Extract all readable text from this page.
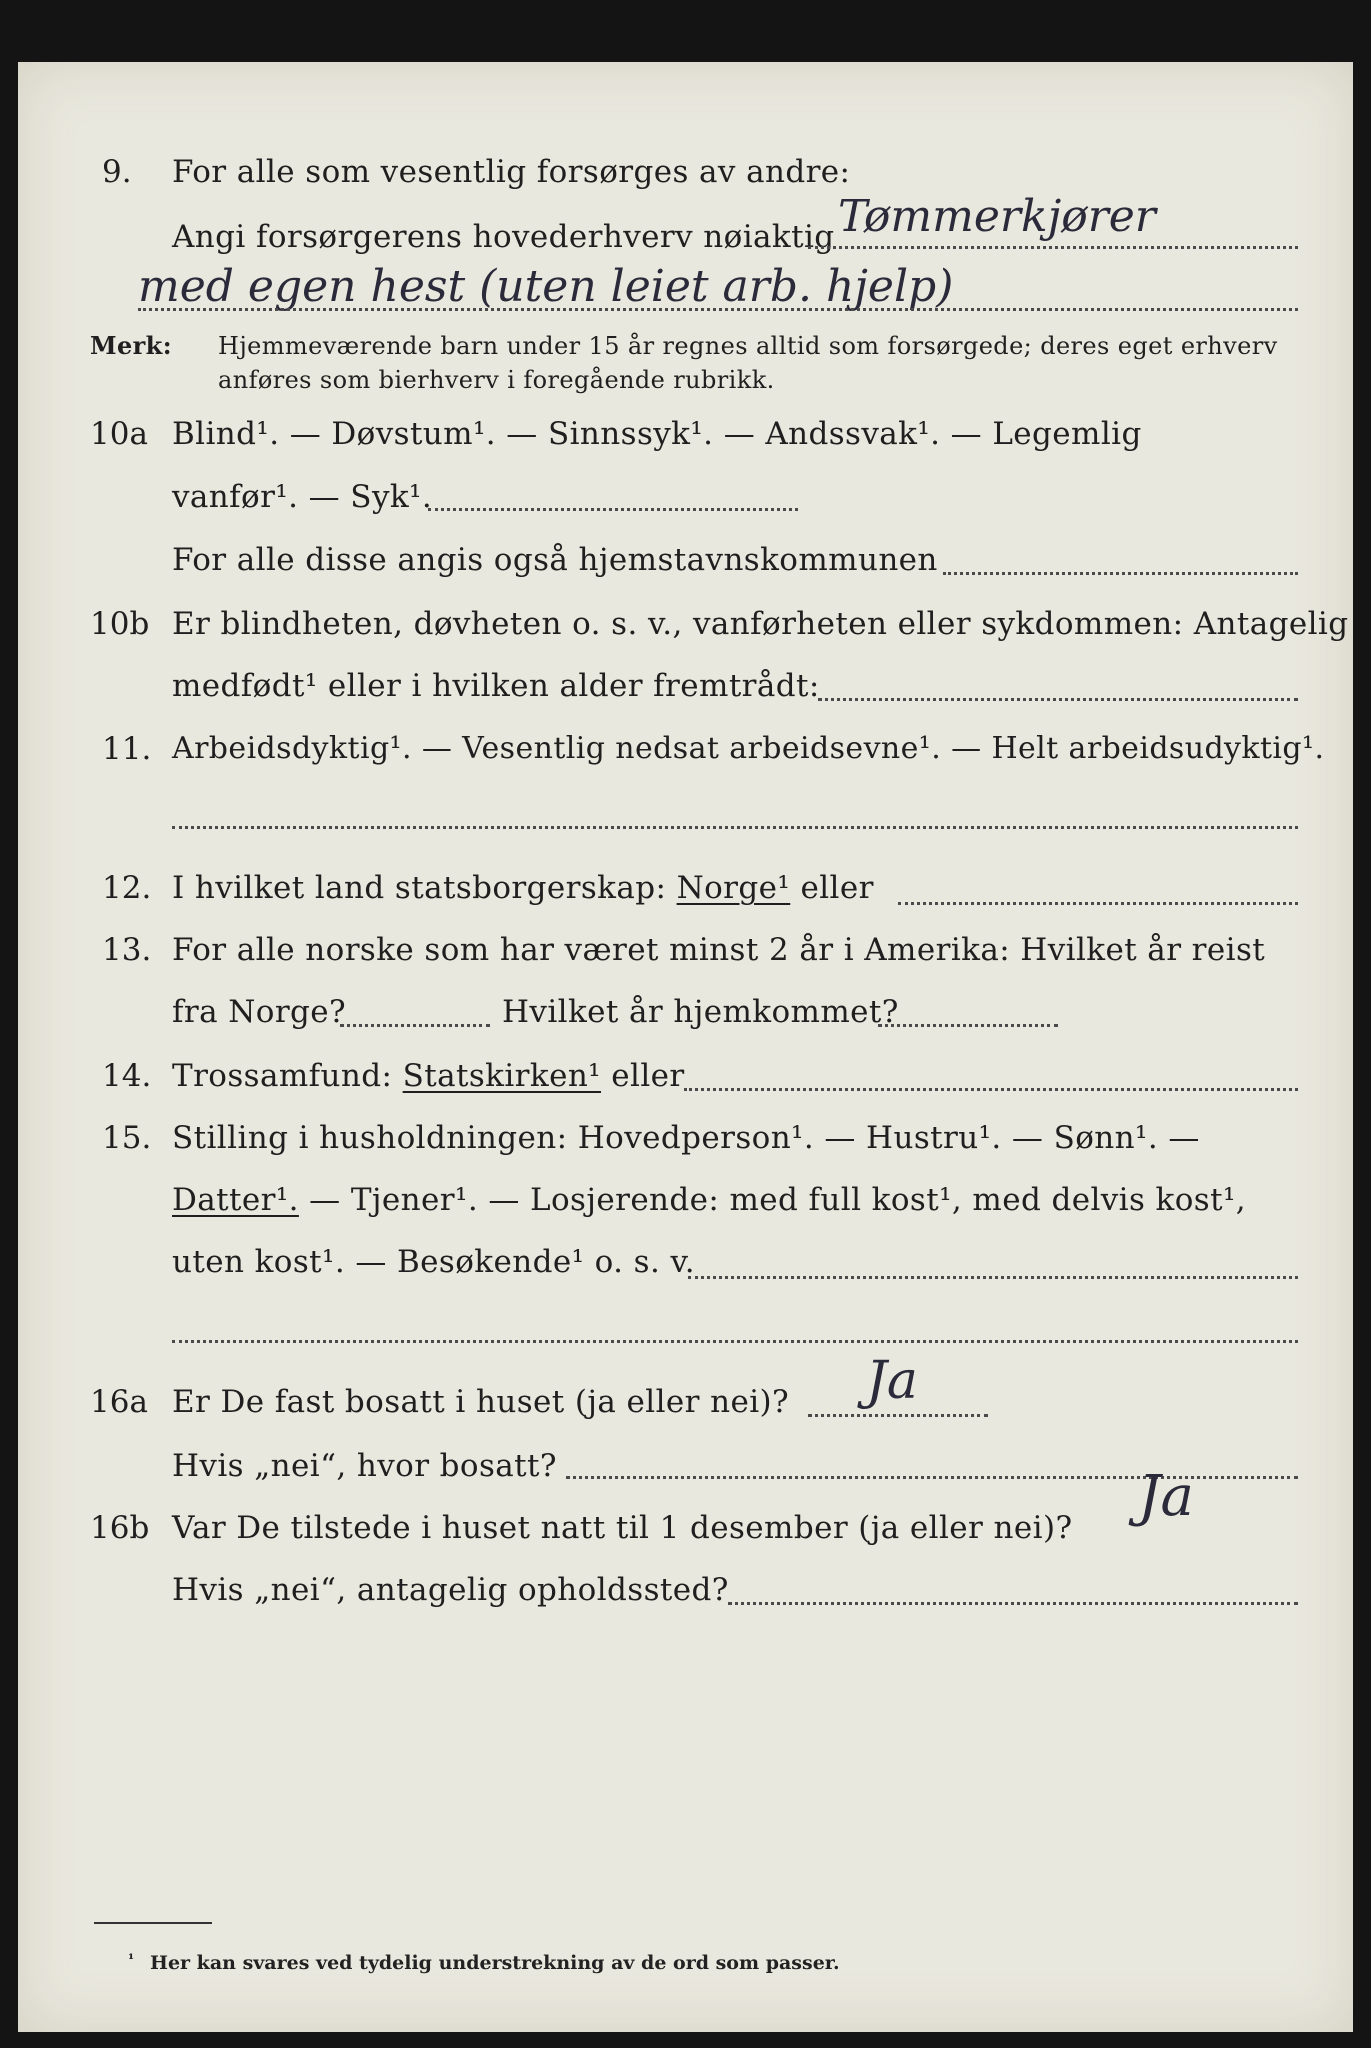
9. For alle som vesentlig forsørges av andre:
Tømmerkjører
Angi forsørgerens hovederhverv nøiaktig
med egen hest (uten leiet arb. hjelp)
Merk: Hjemmeværende barn under 15 år regnes alltid som forsørgede; deres eget erhverv
anføres som bierhverv i foregående rubrikk.
10a Blind¹. — Døvstum¹. — Sinnssyk¹. — Andssvak¹. — Legemlig
vanfør¹. — Syk¹.
For alle disse angis også hjemstavnskommunen
10b Er blindheten, døvheten o. s. v., vanførheten eller sykdommen: Antagelig
medfødt¹ eller i hvilken alder fremtrådt:
11. Arbeidsdyktig¹. — Vesentlig nedsat arbeidsevne¹. — Helt arbeidsudyktig¹.
12. I hvilket land statsborgerskap: Norge¹ eller
13. For alle norske som har været minst 2 år i Amerika: Hvilket år reist
fra Norge?	Hvilket år hjemkommet?
14. Trossamfund: Statskirken¹ eller
15. Stilling i husholdningen: Hovedperson¹. — Hustru¹. — Sønn¹. —
Datter¹. — Tjener¹. — Losjerende: med full kost¹, med delvis kost¹,
uten kost¹. — Besøkende¹ o. s. v.
16a Er De fast bosatt i huset (ja eller nei)? Ja
Hvis „nei“, hvor bosatt?
16b Var De tilstede i huset natt til 1 desember (ja eller nei)? Ja
Hvis „nei“, antagelig opholdssted?
¹ Her kan svares ved tydelig understrekning av de ord som passer.
